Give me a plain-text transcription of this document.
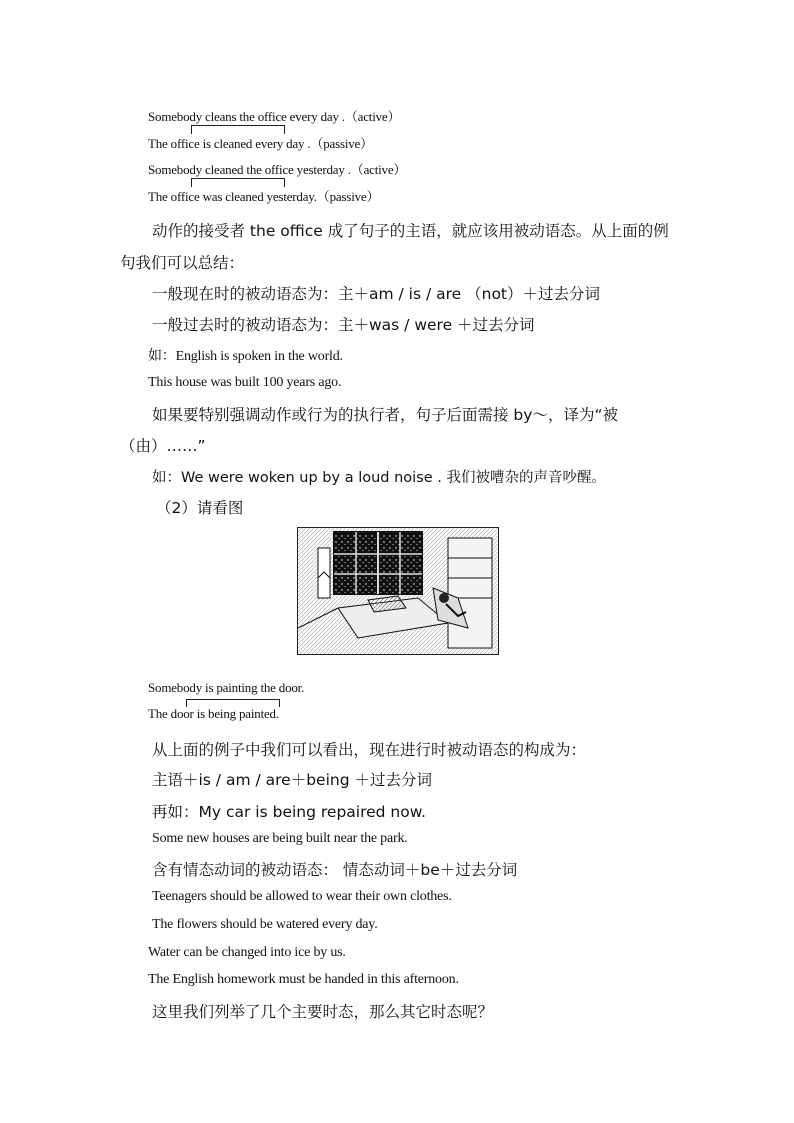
Somebody cleans the office every day .（active）
The office is cleaned every day .（passive）
Somebody cleaned the office yesterday .（active）
The office was cleaned yesterday.（passive）
动作的接受者 the office 成了句子的主语，就应该用被动语态。从上面的例
句我们可以总结：
一般现在时的被动语态为：主＋am / is / are （not）＋过去分词
一般过去时的被动语态为：主＋was / were ＋过去分词
如：English is spoken in the world.
This house was built 100 years ago.
如果要特别强调动作或行为的执行者，句子后面需接 by～，译为“被
（由）……”
如：We were woken up by a loud noise . 我们被嘈杂的声音吵醒。
（2）请看图
Somebody is painting the door.
The door is being painted.
从上面的例子中我们可以看出，现在进行时被动语态的构成为：
主语＋is / am / are＋being ＋过去分词
再如：My car is being repaired now.
Some new houses are being built near the park.
含有情态动词的被动语态： 情态动词＋be＋过去分词
Teenagers should be allowed to wear their own clothes.
The flowers should be watered every day.
Water can be changed into ice by us.
The English homework must be handed in this afternoon.
这里我们列举了几个主要时态，那么其它时态呢？
